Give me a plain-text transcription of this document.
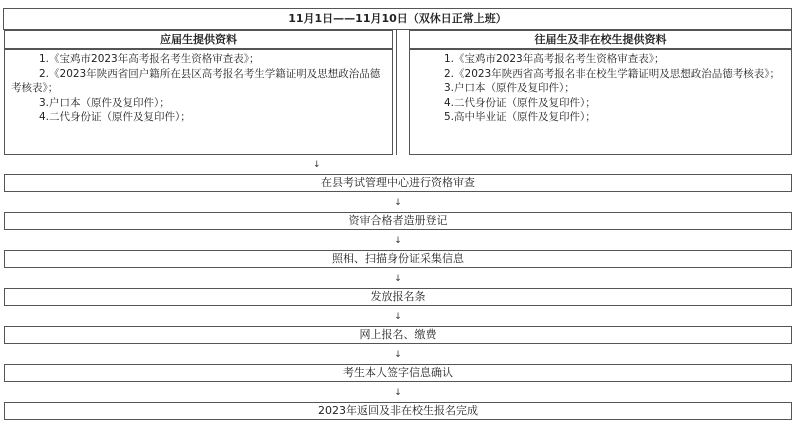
11月1日——11月10日（双休日正常上班）
应届生提供资料

1.《宝鸡市2023年高考报名考生资格审查表》；

2.《2023年陕西省回户籍所在县区高考报名考生学籍证明及思想政治品德考核表》；

3.户口本（原件及复印件）；

4.二代身份证（原件及复印件）；

往届生及非在校生提供资料

1.《宝鸡市2023年高考报名考生资格审查表》；

2.《2023年陕西省高考报名非在校生学籍证明及思想政治品德考核表》；

3.户口本（原件及复印件）；

4.二代身份证（原件及复印件）；

5.高中毕业证（原件及复印件）；

↓
在县考试管理中心进行资格审查
↓
资审合格者造册登记
↓
照相、扫描身份证采集信息
↓
发放报名条
↓
网上报名、缴费
↓
考生本人签字信息确认
↓
2023年返回及非在校生报名完成
